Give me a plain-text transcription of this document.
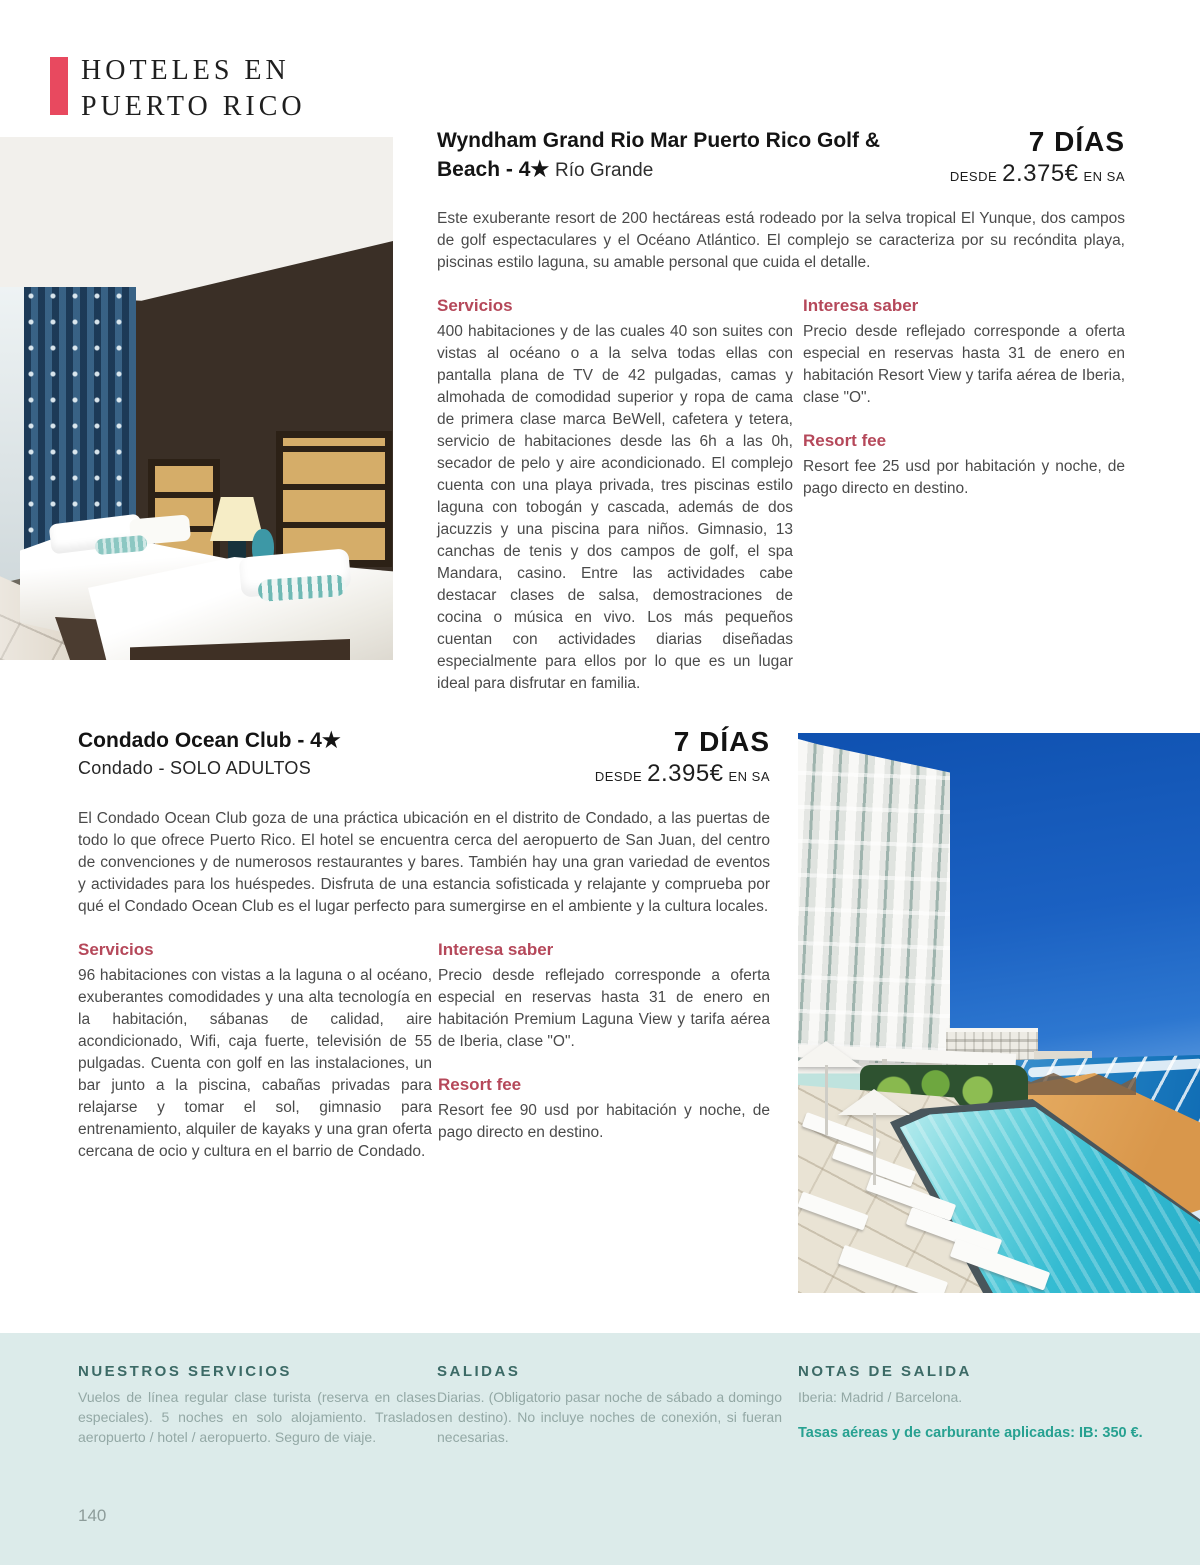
HOTELES EN
PUERTO RICO
Wyndham Grand Rio Mar Puerto Rico Golf & Beach - 4★ Río Grande
7 DÍAS
DESDE 2.375€ EN SA

Este exuberante resort de 200 hectáreas está rodeado por la selva tropical El Yunque, dos campos de golf espectaculares y el Océano Atlántico. El complejo se caracteriza por su recóndita playa, piscinas estilo laguna, su amable personal que cuida el detalle.

Servicios

400 habitaciones y de las cuales 40 son suites con vistas al océano o a la selva todas ellas con pantalla plana de TV de 42 pulgadas, camas y almohada de comodidad superior y ropa de cama de primera clase marca BeWell, cafetera y tetera, servicio de habitaciones desde las 6h a las 0h, secador de pelo y aire acondicionado. El complejo cuenta con una playa privada, tres piscinas estilo laguna con tobogán y cascada, además de dos jacuzzis y una piscina para niños. Gimnasio, 13 canchas de tenis y dos campos de golf, el spa Mandara, casino. Entre las actividades cabe destacar clases de salsa, demostraciones de cocina o música en vivo. Los más pequeños cuentan con actividades diarias diseñadas especialmente para ellos por lo que es un lugar ideal para disfrutar en familia.

Interesa saber

Precio desde reflejado corresponde a oferta especial en reservas hasta 31 de enero en habitación Resort View y tarifa aérea de Iberia, clase "O".

Resort fee

Resort fee 25 usd por habitación y noche, de pago directo en destino.

Condado Ocean Club - 4★
Condado - SOLO ADULTOS
7 DÍAS
DESDE 2.395€ EN SA

El Condado Ocean Club goza de una práctica ubicación en el distrito de Condado, a las puertas de todo lo que ofrece Puerto Rico. El hotel se encuentra cerca del aeropuerto de San Juan, del centro de convenciones y de numerosos restaurantes y bares. También hay una gran variedad de eventos y actividades para los huéspedes. Disfruta de una estancia sofisticada y relajante y comprueba por qué el Condado Ocean Club es el lugar perfecto para sumergirse en el ambiente y la cultura locales.

Servicios

96 habitaciones con vistas a la laguna o al océano, exuberantes comodidades y una alta tecnología en la habitación, sábanas de calidad, aire acondicionado, Wifi, caja fuerte, televisión de 55 pulgadas. Cuenta con golf en las instalaciones, un bar junto a la piscina, cabañas privadas para relajarse y tomar el sol, gimnasio para entrenamiento, alquiler de kayaks y una gran oferta cercana de ocio y cultura en el barrio de Condado.

Interesa saber

Precio desde reflejado corresponde a oferta especial en reservas hasta 31 de enero en habitación Premium Laguna View y tarifa aérea de Iberia, clase "O".

Resort fee

Resort fee 90 usd por habitación y noche, de pago directo en destino.

NUESTROS SERVICIOS

Vuelos de línea regular clase turista (reserva en clases especiales). 5 noches en solo alojamiento. Traslados aeropuerto / hotel / aeropuerto. Seguro de viaje.

SALIDAS

Diarias. (Obligatorio pasar noche de sábado a domingo en destino). No incluye noches de conexión, si fueran necesarias.

NOTAS DE SALIDA

Iberia: Madrid / Barcelona.

Tasas aéreas y de carburante aplicadas: IB: 350 €.

140
